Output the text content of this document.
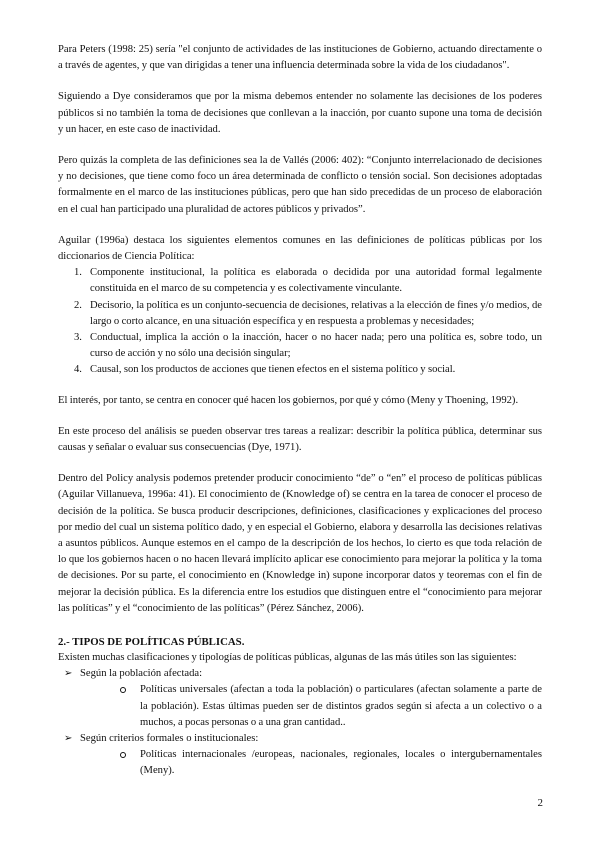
Para Peters (1998: 25) sería "el conjunto de actividades de las instituciones de Gobierno, actuando directamente o a través de agentes, y que van dirigidas a tener una influencia determinada sobre la vida de los ciudadanos".

Siguiendo a Dye consideramos que por la misma debemos entender no solamente las decisiones de los poderes públicos si no también la toma de decisiones que conllevan a la inacción, por cuanto supone una toma de decisión y un hacer, en este caso de inactividad.

Pero quizás la completa de las definiciones sea la de Vallés (2006: 402): “Conjunto interrelacionado de decisiones y no decisiones, que tiene como foco un área determinada de conflicto o tensión social. Son decisiones adoptadas formalmente en el marco de las instituciones públicas, pero que han sido precedidas de un proceso de elaboración en el cual han participado una pluralidad de actores públicos y privados”.

Aguilar (1996a) destaca los siguientes elementos comunes en las definiciones de políticas públicas por los diccionarios de Ciencia Política:

1. Componente institucional, la política es elaborada o decidida por una autoridad formal legalmente constituida en el marco de su competencia y es colectivamente vinculante.
2. Decisorio, la política es un conjunto-secuencia de decisiones, relativas a la elección de fines y/o medios, de largo o corto alcance, en una situación específica y en respuesta a problemas y necesidades;
3. Conductual, implica la acción o la inacción, hacer o no hacer nada; pero una política es, sobre todo, un curso de acción y no sólo una decisión singular;
4. Causal, son los productos de acciones que tienen efectos en el sistema político y social.

El interés, por tanto, se centra en conocer qué hacen los gobiernos, por qué y cómo (Meny y Thoening, 1992).

En este proceso del análisis se pueden observar tres tareas a realizar: describir la política pública, determinar sus causas y señalar o evaluar sus consecuencias (Dye, 1971).

Dentro del Policy analysis podemos pretender producir conocimiento “de” o “en” el proceso de políticas públicas (Aguilar Villanueva, 1996a: 41). El conocimiento de (Knowledge of) se centra en la tarea de conocer el proceso de decisión de la política. Se busca producir descripciones, definiciones, clasificaciones y explicaciones del proceso por medio del cual un sistema político dado, y en especial el Gobierno, elabora y desarrolla las decisiones relativas a asuntos públicos. Aunque estemos en el campo de la descripción de los hechos, lo cierto es que toda relación de lo que los gobiernos hacen o no hacen llevará implícito aplicar ese conocimiento para mejorar la política y la toma de decisiones. Por su parte, el conocimiento en (Knowledge in) supone incorporar datos y teoremas con el fin de mejorar la decisión pública. Es la diferencia entre los estudios que distinguen entre el “conocimiento para mejorar las políticas” y el “conocimiento de las políticas” (Pérez Sánchez, 2006).

2.- TIPOS DE POLÍTICAS PÚBLICAS.

Existen muchas clasificaciones y tipologías de políticas públicas, algunas de las más útiles son las siguientes:

➢ Según la población afectada:
Políticas universales (afectan a toda la población) o particulares (afectan solamente a parte de la población). Estas últimas pueden ser de distintos grados según si afecta a un colectivo o a muchos, a pocas personas o a una gran cantidad..
➢ Según criterios formales o institucionales:
Políticas internacionales /europeas, nacionales, regionales, locales o intergubernamentales (Meny).
2
